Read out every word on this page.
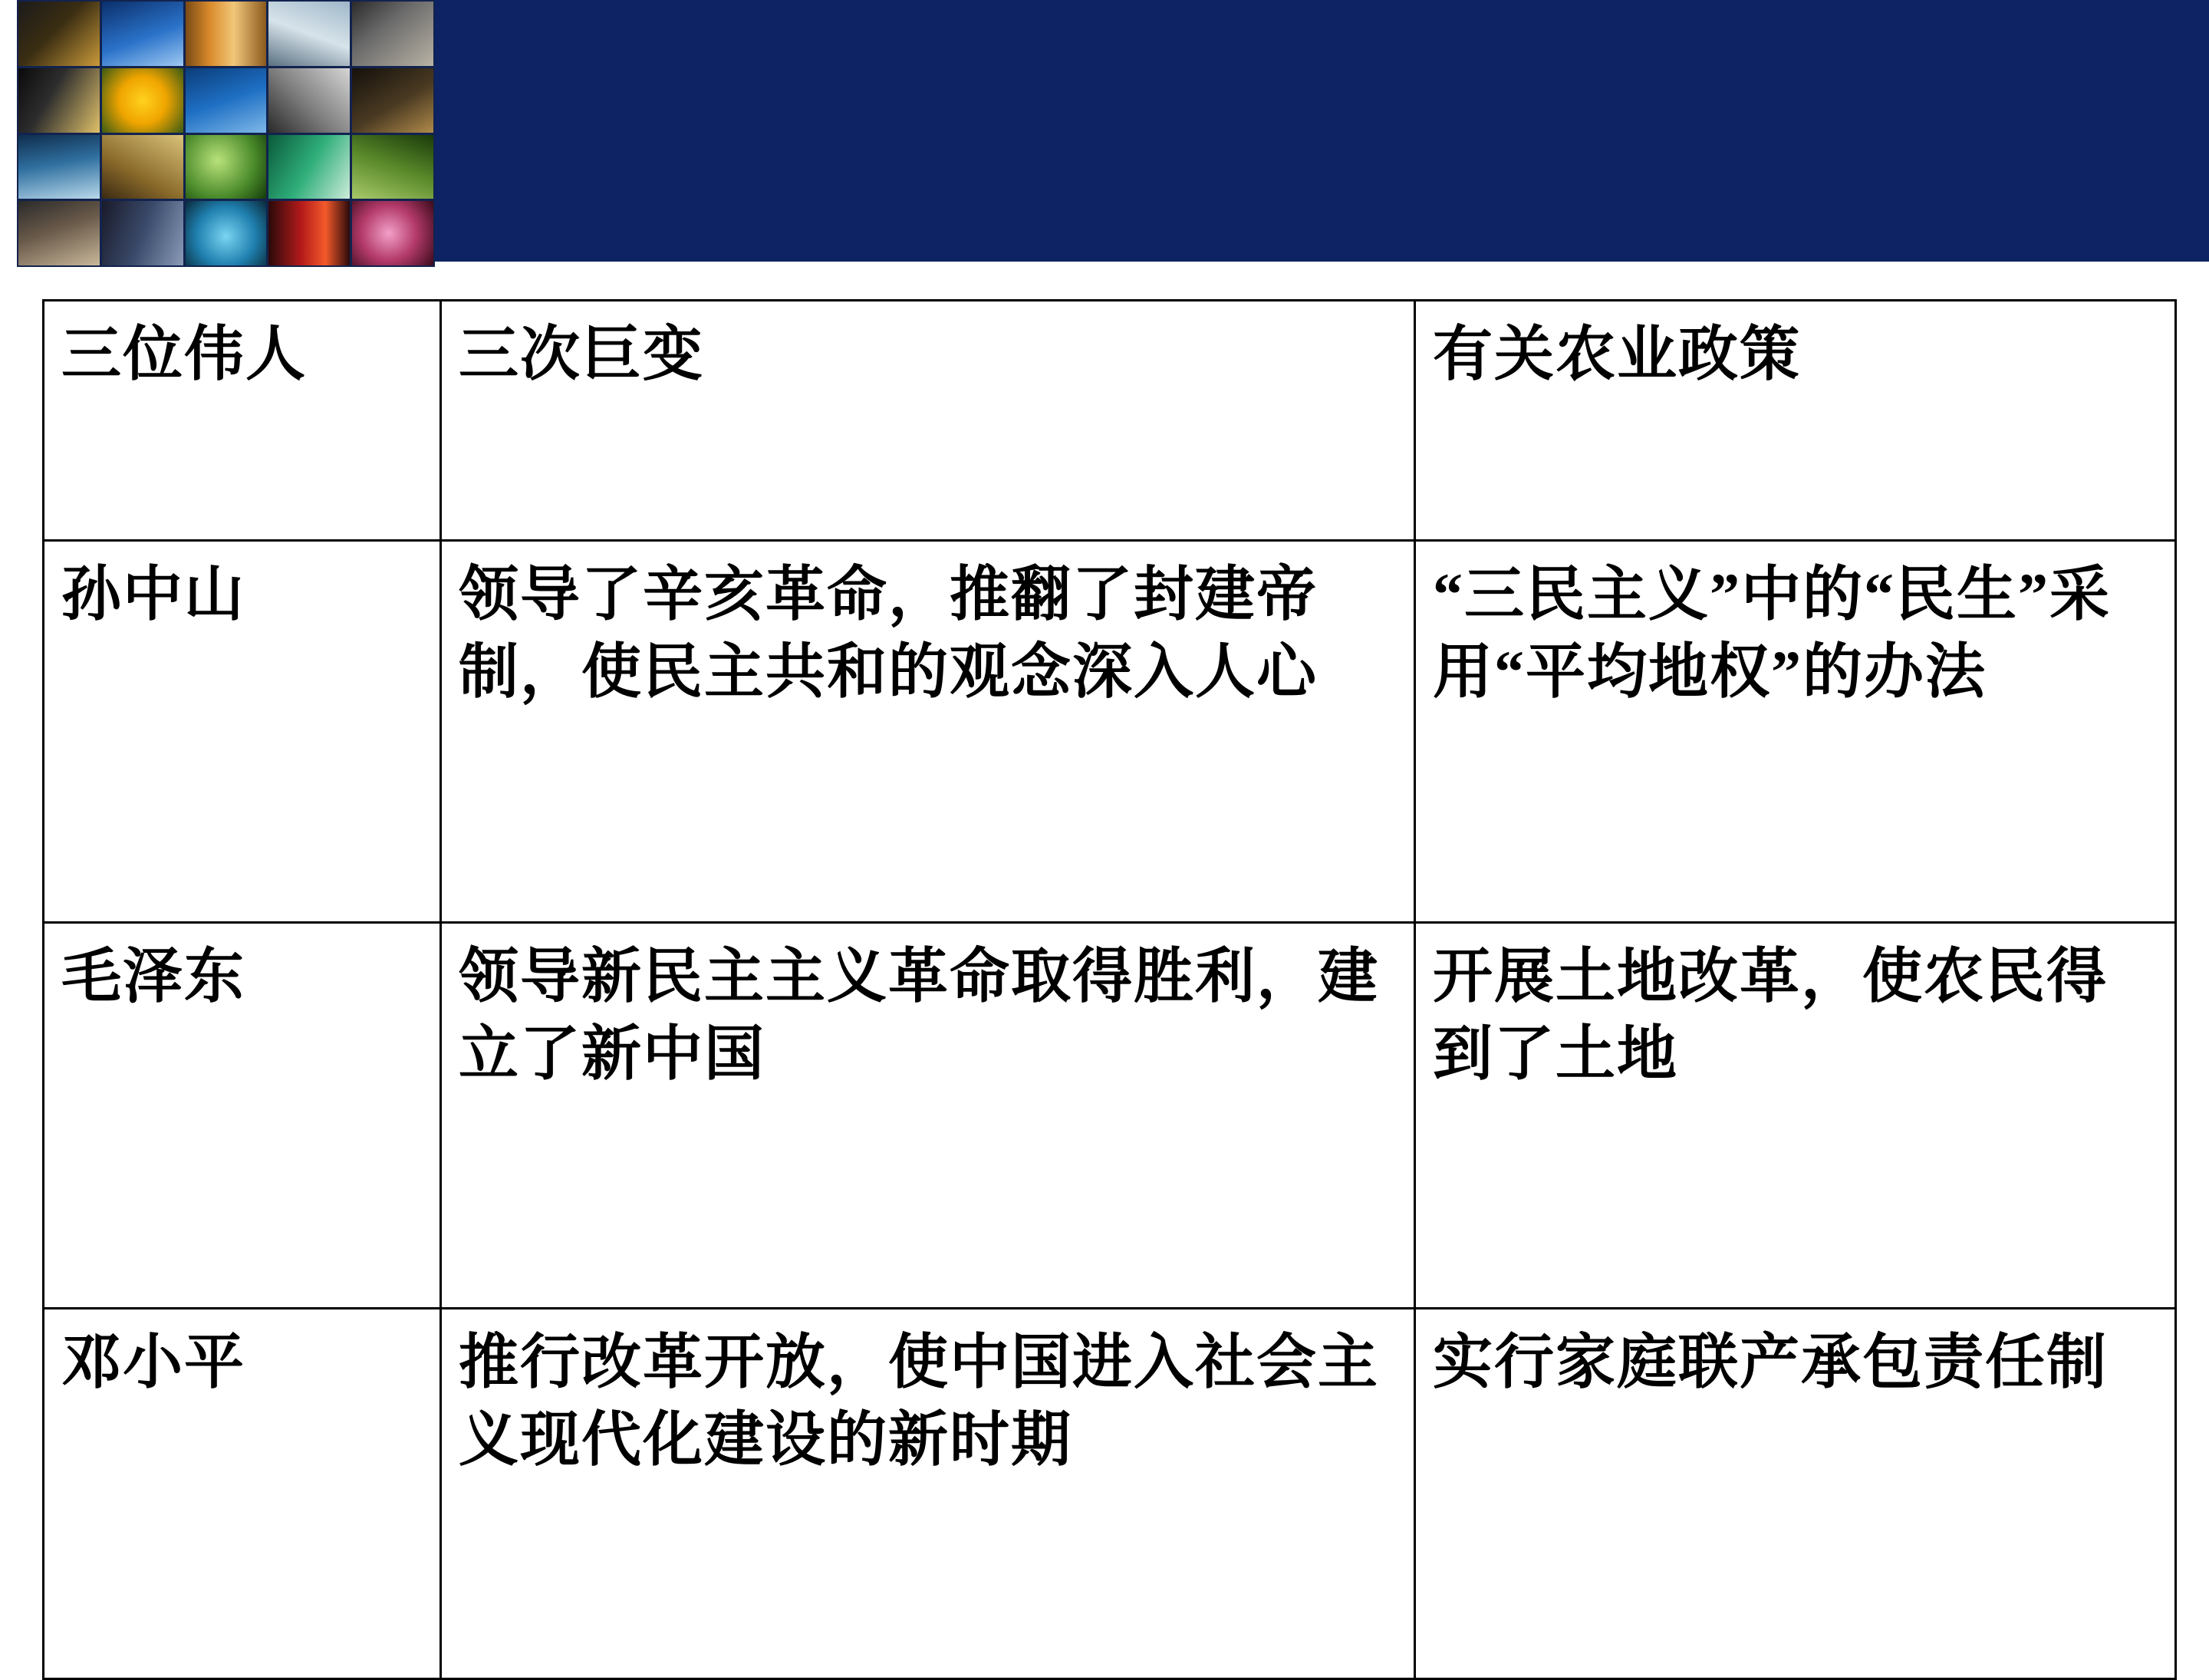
三位伟人	三次巨变	有关农业政策
孙中山	领导了辛亥革命，推翻了封建帝制，使民主共和的观念深入人心	“三民主义”中的“民生”采用“平均地权”的办法
毛泽东	领导新民主主义革命取得胜利，建立了新中国	开展土地改革，使农民得到了土地
邓小平	推行改革开放，使中国进入社会主义现代化建设的新时期	实行家庭联产承包责任制
